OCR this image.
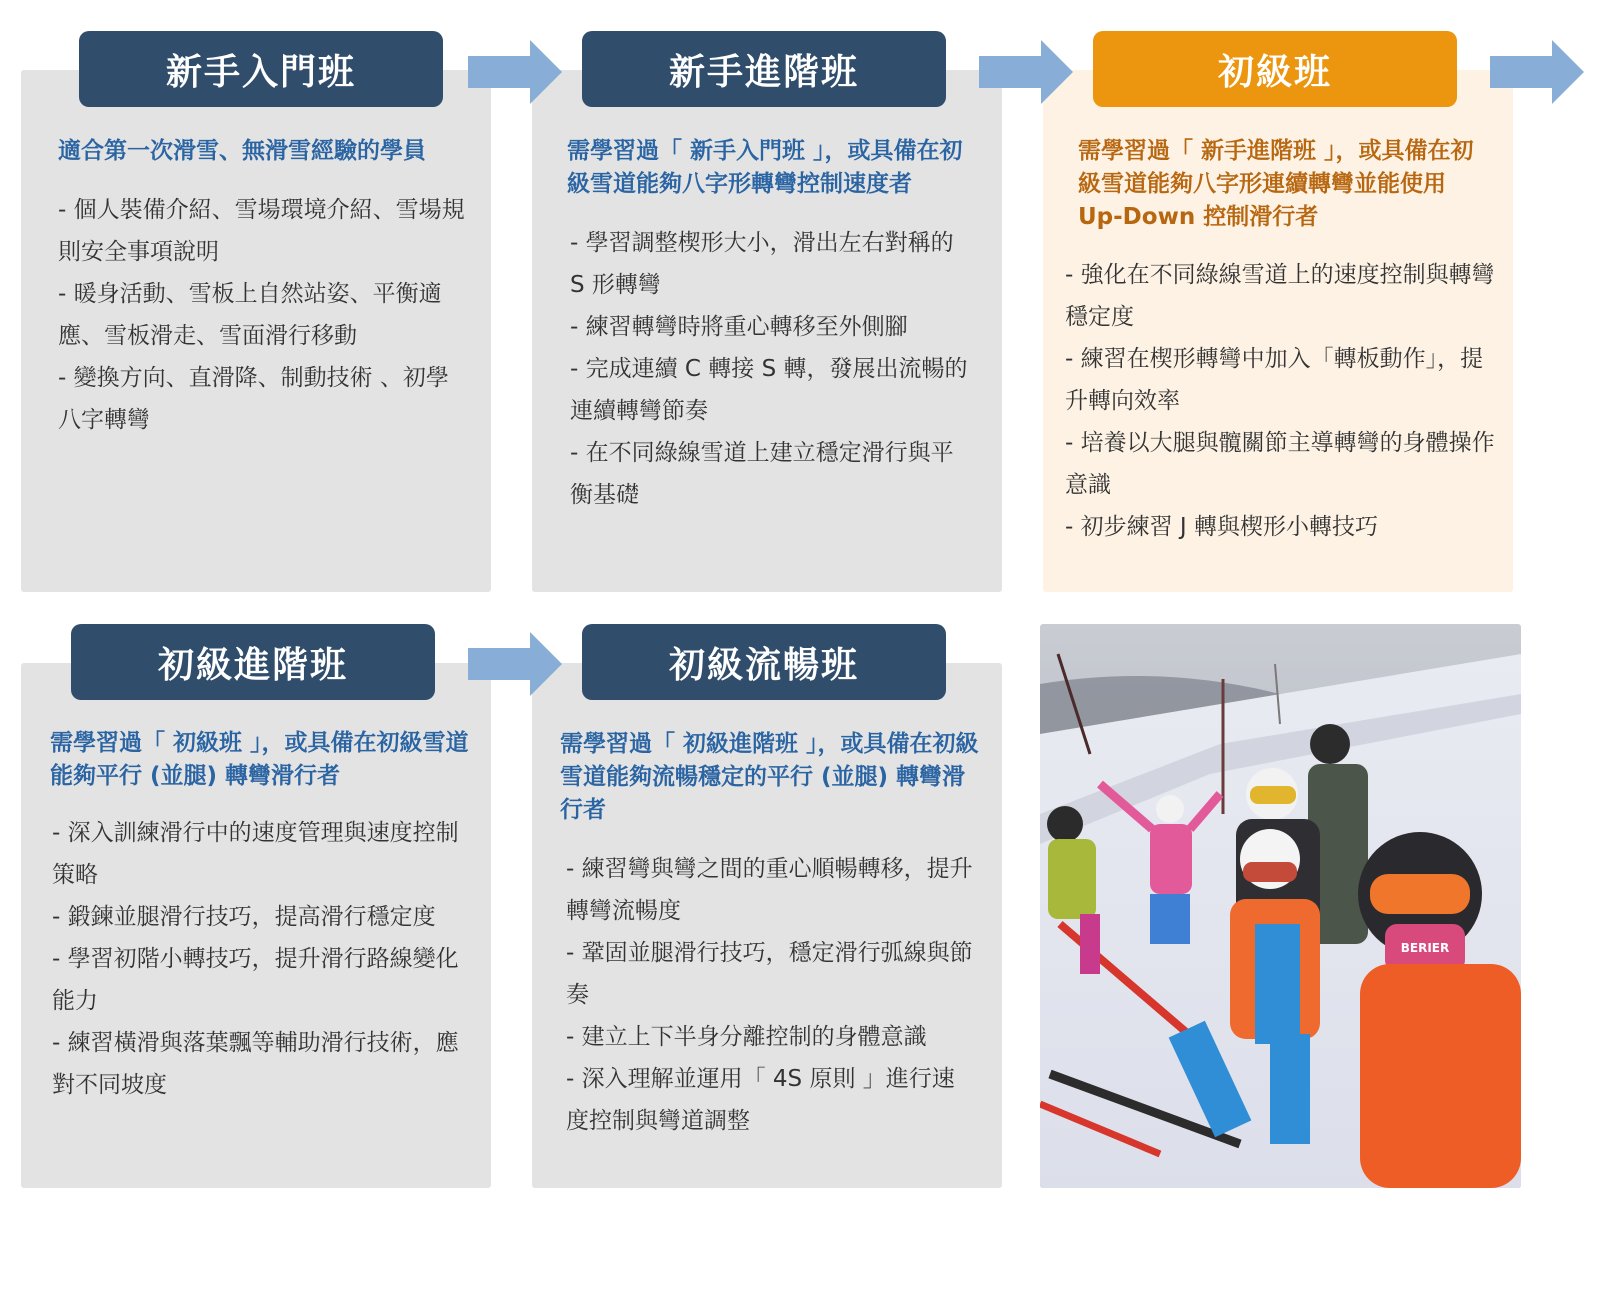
新手入門班

適合第一次滑雪、無滑雪經驗的學員

- 個人裝備介紹、雪場環境介紹、雪場規則安全事項說明
- 暖身活動、雪板上自然站姿、平衡適應、雪板滑走、雪面滑行移動
- 變換方向、直滑降、制動技術 、初學八字轉彎
新手進階班

需學習過「 新手入門班 」，或具備在初級雪道能夠八字形轉彎控制速度者

- 學習調整楔形大小，滑出左右對稱的 S 形轉彎
- 練習轉彎時將重心轉移至外側腳
- 完成連續 C 轉接 S 轉，發展出流暢的連續轉彎節奏
- 在不同綠線雪道上建立穩定滑行與平衡基礎
初級班

需學習過「 新手進階班 」，或具備在初級雪道能夠八字形連續轉彎並能使用 Up-Down 控制滑行者

- 強化在不同綠線雪道上的速度控制與轉彎穩定度
- 練習在楔形轉彎中加入「轉板動作」，提升轉向效率
- 培養以大腿與髖關節主導轉彎的身體操作意識
- 初步練習 J 轉與楔形小轉技巧
初級進階班

需學習過「 初級班 」，或具備在初級雪道能夠平行 (並腿) 轉彎滑行者

- 深入訓練滑行中的速度管理與速度控制策略
- 鍛鍊並腿滑行技巧，提高滑行穩定度
- 學習初階小轉技巧，提升滑行路線變化能力
- 練習橫滑與落葉飄等輔助滑行技術，應對不同坡度
初級流暢班

需學習過「 初級進階班 」，或具備在初級雪道能夠流暢穩定的平行 (並腿) 轉彎滑行者

- 練習彎與彎之間的重心順暢轉移，提升轉彎流暢度
- 鞏固並腿滑行技巧，穩定滑行弧線與節奏
- 建立上下半身分離控制的身體意識
- 深入理解並運用「 4S 原則 」進行速度控制與彎道調整
BERIER
